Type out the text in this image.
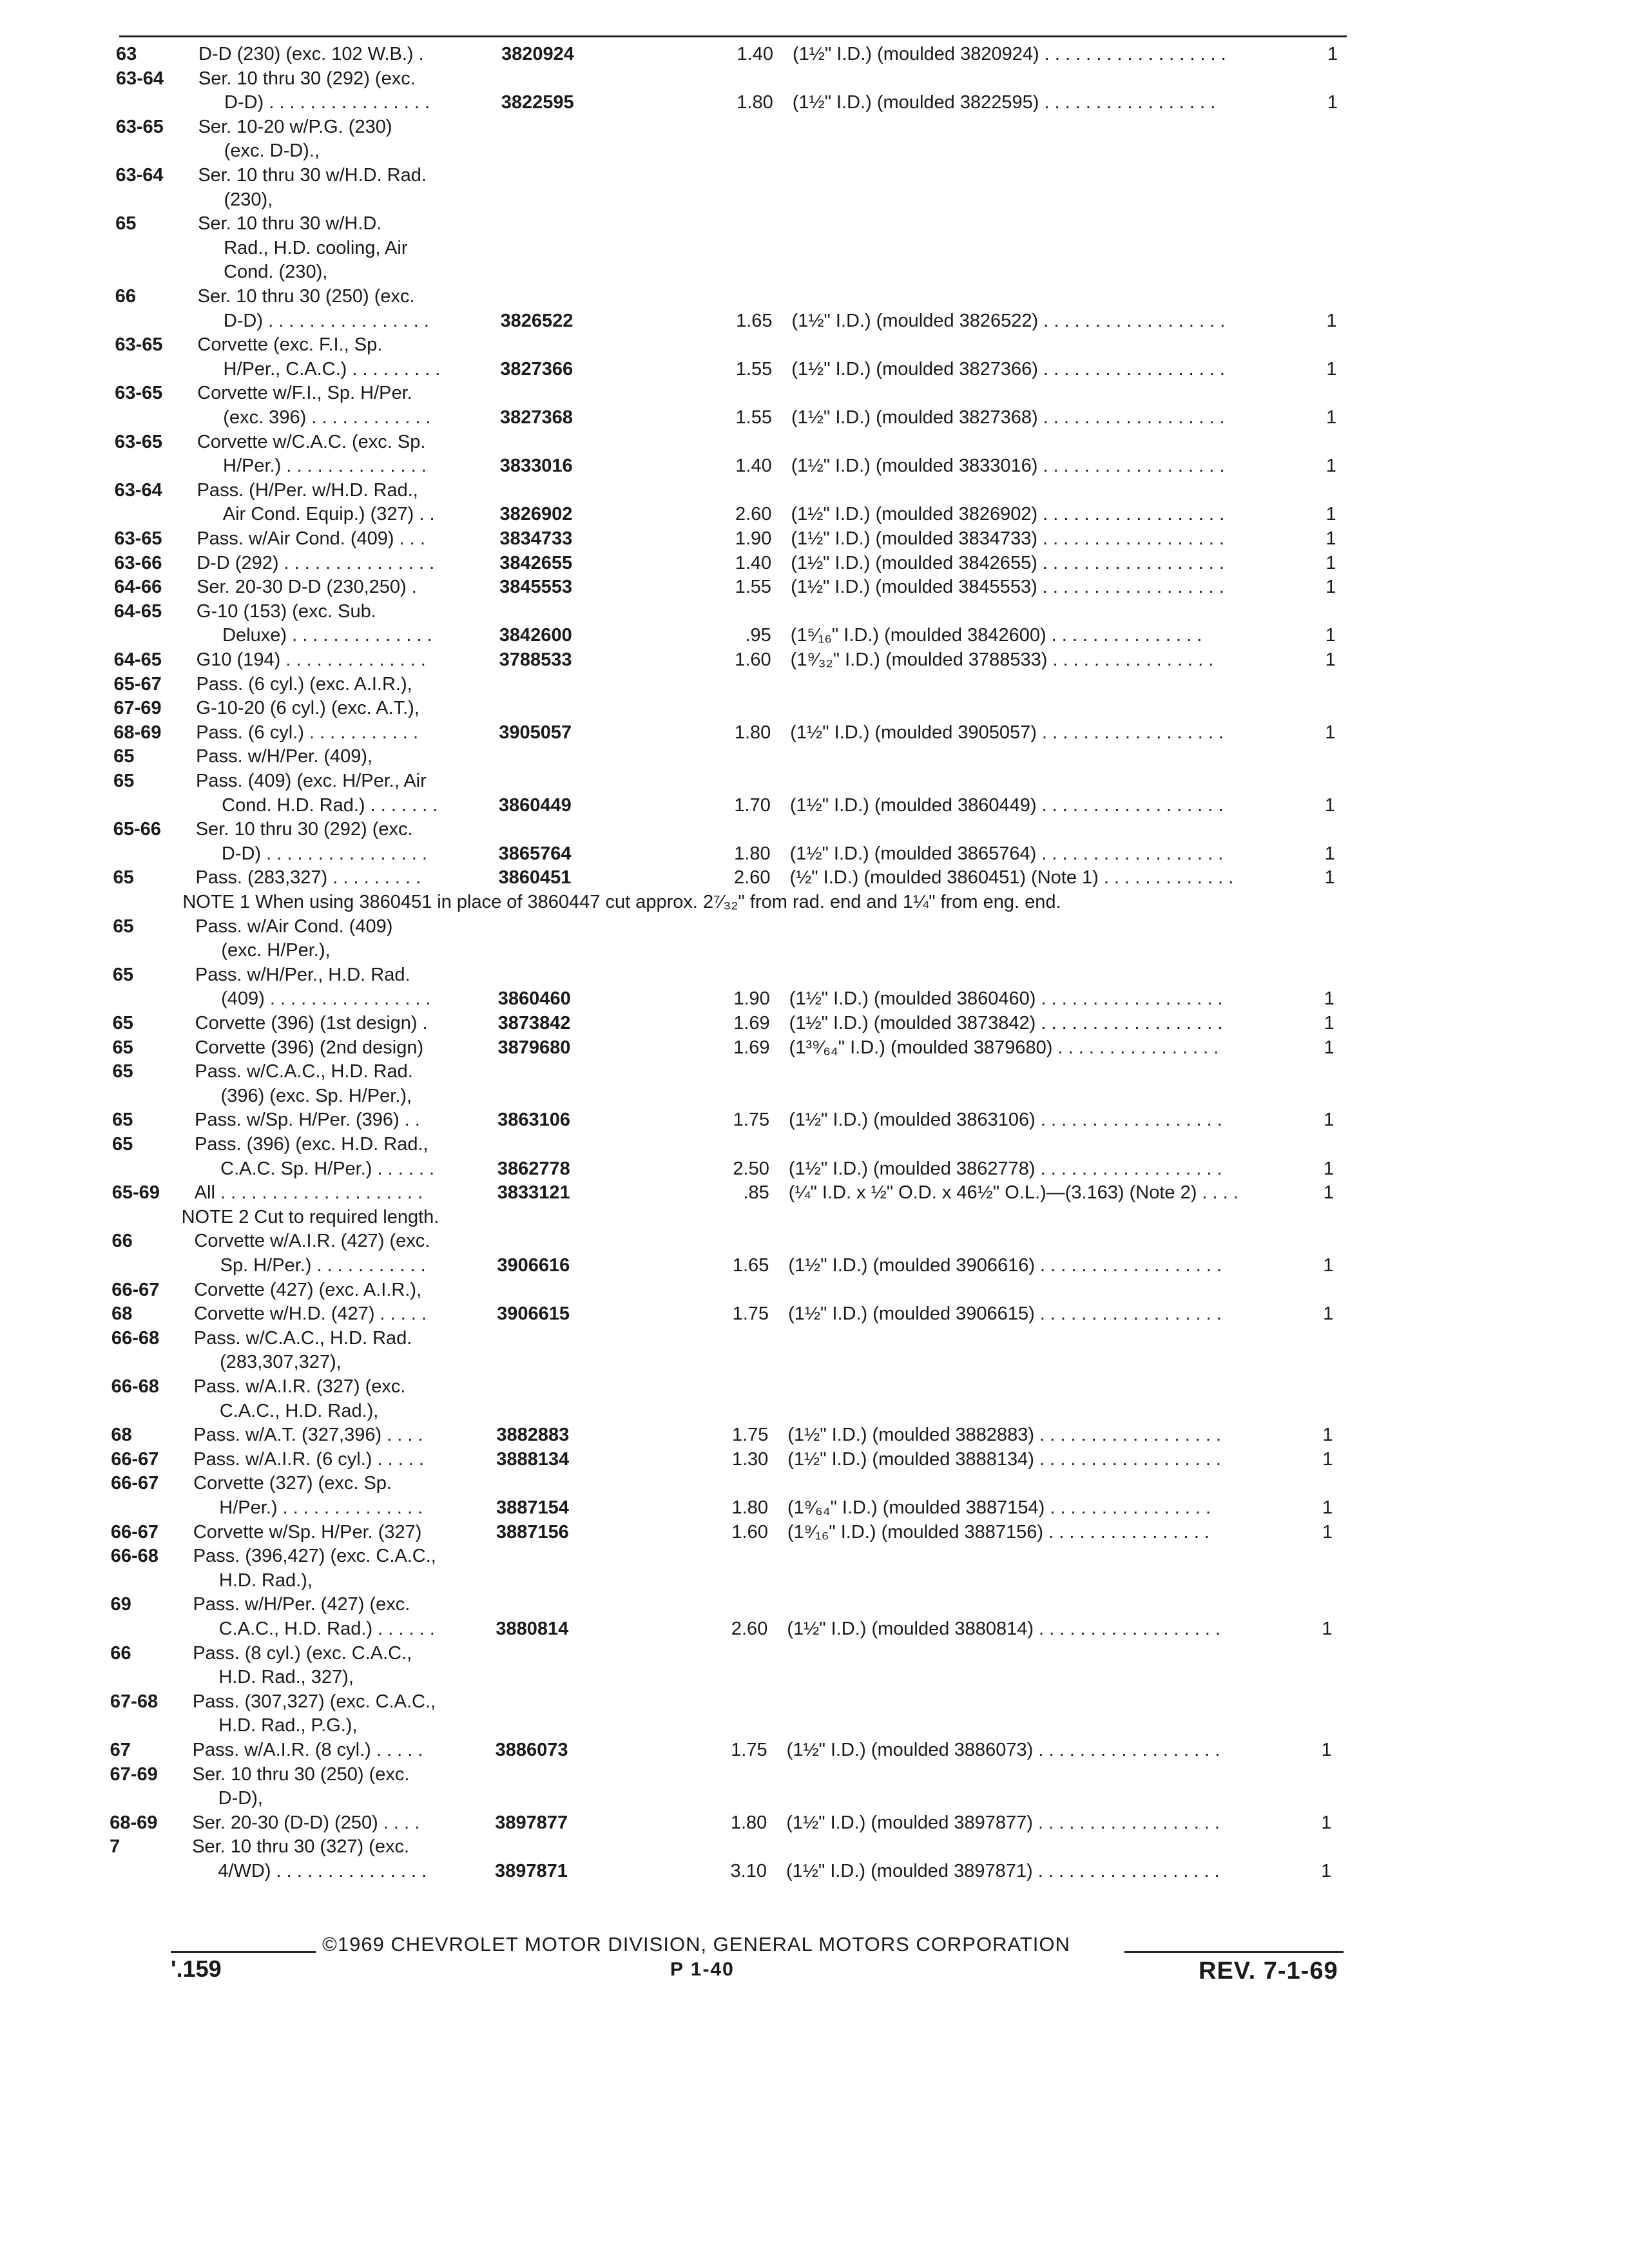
63	D-D (230) (exc. 102 W.B.) .	3820924	1.40 (1½" I.D.) (moulded 3820924) . . . . . . . . . . . . . . . . . .	1
63-64	Ser. 10 thru 30 (292) (exc.
D-D) . . . . . . . . . . . . . . . .	3822595	1.80 (1½" I.D.) (moulded 3822595) . . . . . . . . . . . . . . . . .	1
63-65	Ser. 10-20 w/P.G. (230)
(exc. D-D).,
63-64	Ser. 10 thru 30 w/H.D. Rad.
(230),
65	Ser. 10 thru 30 w/H.D.
Rad., H.D. cooling, Air
Cond. (230),
66	Ser. 10 thru 30 (250) (exc.
D-D) . . . . . . . . . . . . . . . .	3826522	1.65 (1½" I.D.) (moulded 3826522) . . . . . . . . . . . . . . . . . .	1
63-65	Corvette (exc. F.I., Sp.
H/Per., C.A.C.) . . . . . . . . .	3827366	1.55 (1½" I.D.) (moulded 3827366) . . . . . . . . . . . . . . . . . .	1
63-65	Corvette w/F.I., Sp. H/Per.
(exc. 396) . . . . . . . . . . . .	3827368	1.55 (1½" I.D.) (moulded 3827368) . . . . . . . . . . . . . . . . . .	1
63-65	Corvette w/C.A.C. (exc. Sp.
H/Per.) . . . . . . . . . . . . . .	3833016	1.40 (1½" I.D.) (moulded 3833016) . . . . . . . . . . . . . . . . . .	1
63-64	Pass. (H/Per. w/H.D. Rad.,
Air Cond. Equip.) (327) . .	3826902	2.60 (1½" I.D.) (moulded 3826902) . . . . . . . . . . . . . . . . . .	1
63-65	Pass. w/Air Cond. (409) . . .	3834733	1.90 (1½" I.D.) (moulded 3834733) . . . . . . . . . . . . . . . . . .	1
63-66	D-D (292) . . . . . . . . . . . . . . .	3842655	1.40 (1½" I.D.) (moulded 3842655) . . . . . . . . . . . . . . . . . .	1
64-66	Ser. 20-30 D-D (230,250) .	3845553	1.55 (1½" I.D.) (moulded 3845553) . . . . . . . . . . . . . . . . . .	1
64-65	G-10 (153) (exc. Sub.
Deluxe) . . . . . . . . . . . . . .	3842600	.95 (1⁵⁄₁₆" I.D.) (moulded 3842600) . . . . . . . . . . . . . . .	1
64-65	G10 (194) . . . . . . . . . . . . . .	3788533	1.60 (1⁹⁄₃₂" I.D.) (moulded 3788533) . . . . . . . . . . . . . . . .	1
65-67	Pass. (6 cyl.) (exc. A.I.R.),
67-69	G-10-20 (6 cyl.) (exc. A.T.),
68-69	Pass. (6 cyl.) . . . . . . . . . . .	3905057	1.80 (1½" I.D.) (moulded 3905057) . . . . . . . . . . . . . . . . . .	1
65	Pass. w/H/Per. (409),
65	Pass. (409) (exc. H/Per., Air
Cond. H.D. Rad.) . . . . . . .	3860449	1.70 (1½" I.D.) (moulded 3860449) . . . . . . . . . . . . . . . . . .	1
65-66	Ser. 10 thru 30 (292) (exc.
D-D) . . . . . . . . . . . . . . . .	3865764	1.80 (1½" I.D.) (moulded 3865764) . . . . . . . . . . . . . . . . . .	1
65	Pass. (283,327) . . . . . . . . .	3860451	2.60 (½" I.D.) (moulded 3860451) (Note 1) . . . . . . . . . . . . .	1
NOTE 1 When using 3860451 in place of 3860447 cut approx. 2⁷⁄₃₂" from rad. end and 1¼" from eng. end.
65	Pass. w/Air Cond. (409)
(exc. H/Per.),
65	Pass. w/H/Per., H.D. Rad.
(409) . . . . . . . . . . . . . . . .	3860460	1.90 (1½" I.D.) (moulded 3860460) . . . . . . . . . . . . . . . . . .	1
65	Corvette (396) (1st design) .	3873842	1.69 (1½" I.D.) (moulded 3873842) . . . . . . . . . . . . . . . . . .	1
65	Corvette (396) (2nd design)	3879680	1.69 (1³⁹⁄₆₄" I.D.) (moulded 3879680) . . . . . . . . . . . . . . . .	1
65	Pass. w/C.A.C., H.D. Rad.
(396) (exc. Sp. H/Per.),
65	Pass. w/Sp. H/Per. (396) . .	3863106	1.75 (1½" I.D.) (moulded 3863106) . . . . . . . . . . . . . . . . . .	1
65	Pass. (396) (exc. H.D. Rad.,
C.A.C. Sp. H/Per.) . . . . . .	3862778	2.50 (1½" I.D.) (moulded 3862778) . . . . . . . . . . . . . . . . . .	1
65-69	All . . . . . . . . . . . . . . . . . . . .	3833121	.85 (¼" I.D. x ½" O.D. x 46½" O.L.)—(3.163) (Note 2) . . . .	1
NOTE 2 Cut to required length.
66	Corvette w/A.I.R. (427) (exc.
Sp. H/Per.) . . . . . . . . . . .	3906616	1.65 (1½" I.D.) (moulded 3906616) . . . . . . . . . . . . . . . . . .	1
66-67	Corvette (427) (exc. A.I.R.),
68	Corvette w/H.D. (427) . . . . .	3906615	1.75 (1½" I.D.) (moulded 3906615) . . . . . . . . . . . . . . . . . .	1
66-68	Pass. w/C.A.C., H.D. Rad.
(283,307,327),
66-68	Pass. w/A.I.R. (327) (exc.
C.A.C., H.D. Rad.),
68	Pass. w/A.T. (327,396) . . . .	3882883	1.75 (1½" I.D.) (moulded 3882883) . . . . . . . . . . . . . . . . . .	1
66-67	Pass. w/A.I.R. (6 cyl.) . . . . .	3888134	1.30 (1½" I.D.) (moulded 3888134) . . . . . . . . . . . . . . . . . .	1
66-67	Corvette (327) (exc. Sp.
H/Per.) . . . . . . . . . . . . . .	3887154	1.80 (1⁹⁄₆₄" I.D.) (moulded 3887154) . . . . . . . . . . . . . . . .	1
66-67	Corvette w/Sp. H/Per. (327)	3887156	1.60 (1⁹⁄₁₆" I.D.) (moulded 3887156) . . . . . . . . . . . . . . . .	1
66-68	Pass. (396,427) (exc. C.A.C.,
H.D. Rad.),
69	Pass. w/H/Per. (427) (exc.
C.A.C., H.D. Rad.) . . . . . .	3880814	2.60 (1½" I.D.) (moulded 3880814) . . . . . . . . . . . . . . . . . .	1
66	Pass. (8 cyl.) (exc. C.A.C.,
H.D. Rad., 327),
67-68	Pass. (307,327) (exc. C.A.C.,
H.D. Rad., P.G.),
67	Pass. w/A.I.R. (8 cyl.) . . . . .	3886073	1.75 (1½" I.D.) (moulded 3886073) . . . . . . . . . . . . . . . . . .	1
67-69	Ser. 10 thru 30 (250) (exc.
D-D),
68-69	Ser. 20-30 (D-D) (250) . . . .	3897877	1.80 (1½" I.D.) (moulded 3897877) . . . . . . . . . . . . . . . . . .	1
7	Ser. 10 thru 30 (327) (exc.
4/WD) . . . . . . . . . . . . . . .	3897871	3.10 (1½" I.D.) (moulded 3897871) . . . . . . . . . . . . . . . . . .	1
©1969 CHEVROLET MOTOR DIVISION, GENERAL MOTORS CORPORATION
'.159	P 1-40	REV. 7-1-69
